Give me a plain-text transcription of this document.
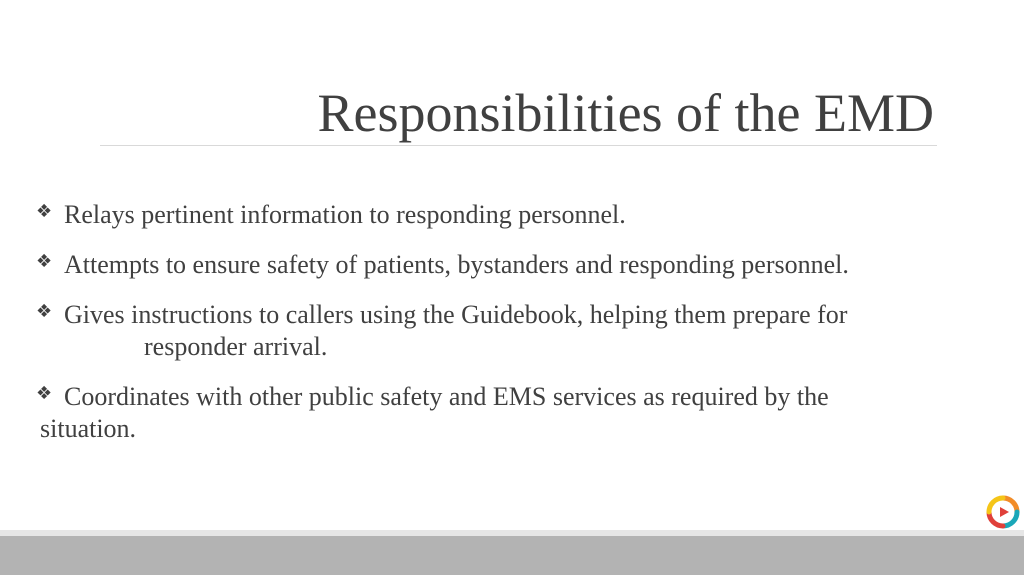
Responsibilities of the EMD
❖ Relays pertinent information to responding personnel.
❖ Attempts to ensure safety of patients, bystanders and responding personnel.
❖ Gives instructions to callers using the Guidebook, helping them prepare for
responder arrival.
❖ Coordinates with other public safety and EMS services as required by the
situation.
